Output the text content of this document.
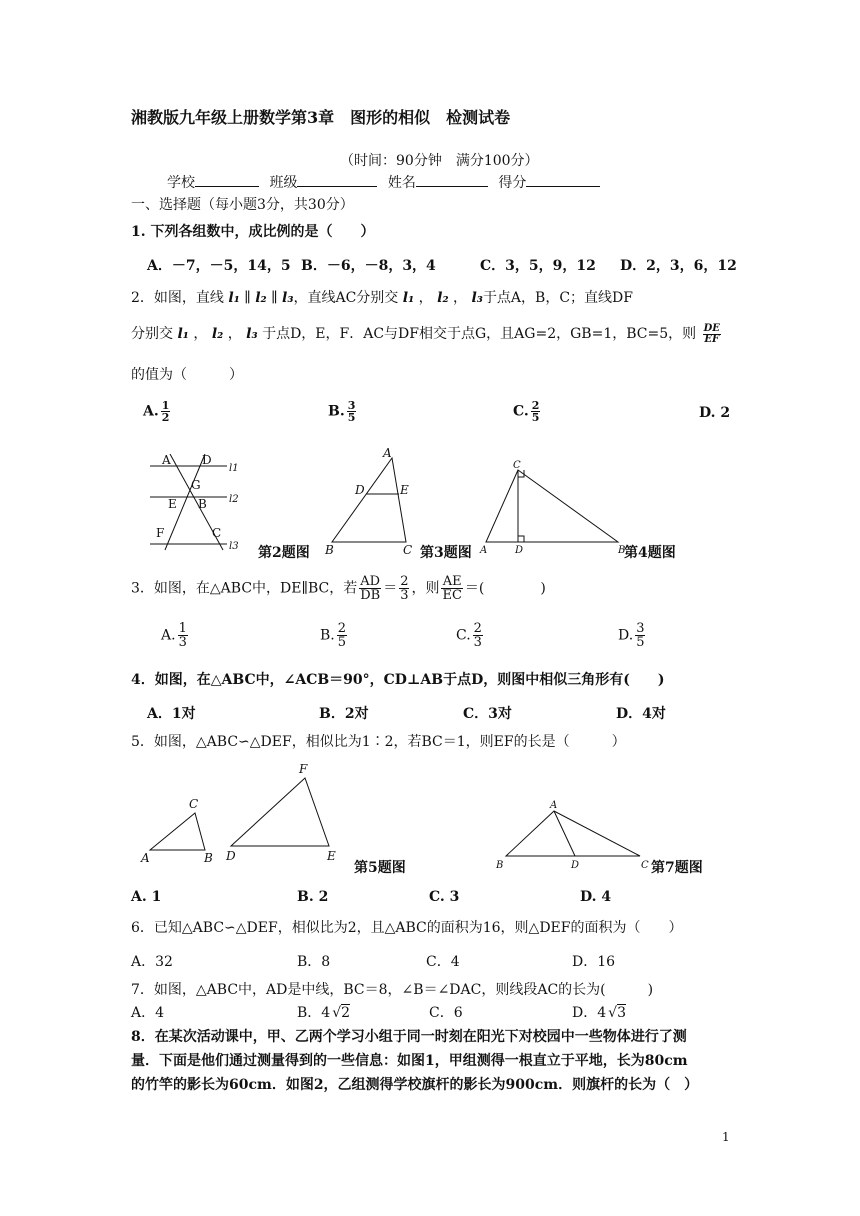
湘教版九年级上册数学第3章　图形的相似　检测试卷
（时间：90分钟　满分100分）
学校	班级	姓名	得分
一、选择题（每小题3分，共30分）
1. 下列各组数中，成比例的是（　　）
A．－7，－5，14，5 B．－6，－8，3，4	C．3，5，9，12 D．2，3，6，12
2．如图，直线 l₁ ∥ l₂ ∥ l₃，直线AC分别交 l₁ ， l₂ ， l₃于点A，B，C；直线DF
分别交 l₁ ， l₂ ， l₃ 于点D，E，F．AC与DF相交于点G，且AG=2，GB=1，BC=5，则 $\frac{DE}{EF}$
的值为（　　　）
A. $\frac{1}{2}$	B. $\frac{3}{5}$	C. $\frac{2}{5}$	D. 2
A	D
G
E B
F	C
l1
l2
l3 第2题图
A
D	E
B	C 第3题图
C
A	D	B
第4题图
3．如图，在△ABC中，DE∥BC，若 $\frac{AD}{DB} = \frac{2}{3}$ ，则 $\frac{AE}{EC}$ ＝(　　　　)
A. $\frac{1}{3}$	B. $\frac{2}{5}$	C. $\frac{2}{3}$	D. $\frac{3}{5}$
4．如图，在△ABC中，∠ACB＝90°，CD⊥AB于点D，则图中相似三角形有(　　)
A．1对	B．2对	C．3对	D．4对
5．如图，△ABC∽△DEF，相似比为1∶2，若BC＝1，则EF的长是（　　　）
C
A	B
F
D	E
第5题图
A
B	D	C 第7题图
A. 1	B. 2	C. 3	D. 4
6．已知△ABC∽△DEF，相似比为2，且△ABC的面积为16，则△DEF的面积为（　　）
A．32	B．8	C．4	D．16
7．如图，△ABC中，AD是中线，BC＝8，∠B＝∠DAC，则线段AC的长为(　　　)
A．4	B．4 √2	C．6	D．4 √3
8．在某次活动课中，甲、乙两个学习小组于同一时刻在阳光下对校园中一些物体进行了测
量．下面是他们通过测量得到的一些信息：如图1，甲组测得一根直立于平地，长为80cm
的竹竿的影长为60cm．如图2，乙组测得学校旗杆的影长为900cm．则旗杆的长为（　）
1
